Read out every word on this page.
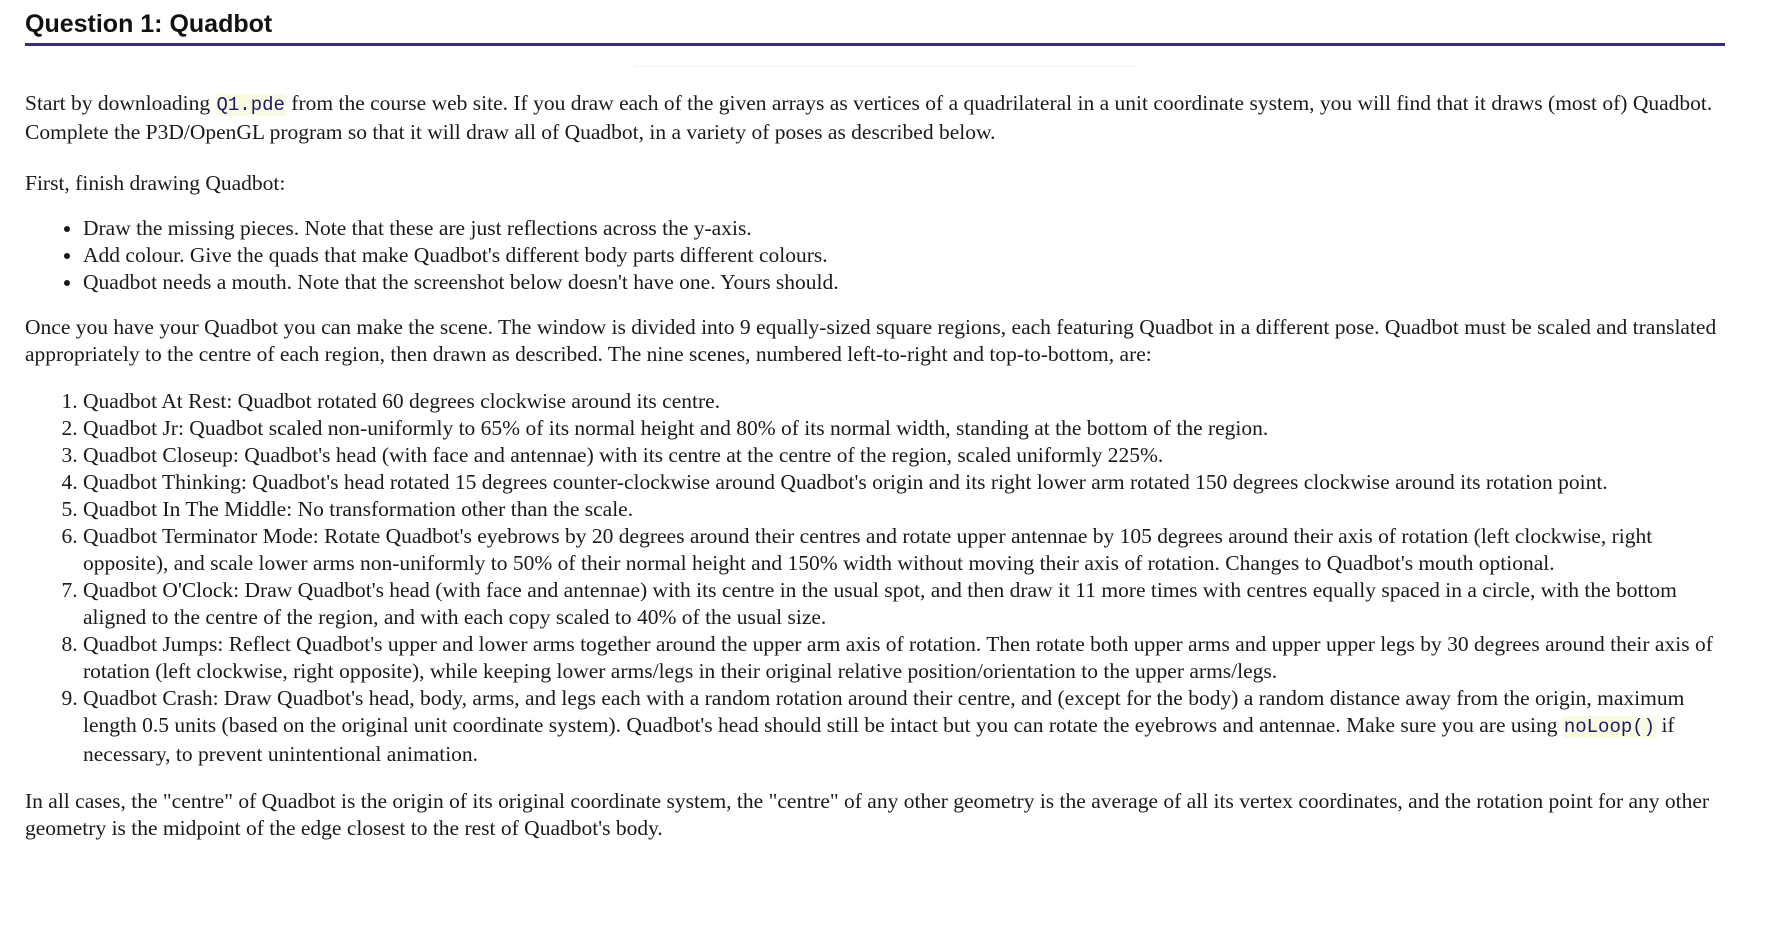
Question 1: Quadbot

Start by downloading Q1.pde from the course web site. If you draw each of the given arrays as vertices of a quadrilateral in a unit coordinate system, you will find that it draws (most of) Quadbot. Complete the P3D/OpenGL program so that it will draw all of Quadbot, in a variety of poses as described below.

First, finish drawing Quadbot:

• Draw the missing pieces. Note that these are just reflections across the y-axis.
• Add colour. Give the quads that make Quadbot's different body parts different colours.
• Quadbot needs a mouth. Note that the screenshot below doesn't have one. Yours should.

Once you have your Quadbot you can make the scene. The window is divided into 9 equally-sized square regions, each featuring Quadbot in a different pose. Quadbot must be scaled and translated appropriately to the centre of each region, then drawn as described. The nine scenes, numbered left-to-right and top-to-bottom, are:

1. Quadbot At Rest: Quadbot rotated 60 degrees clockwise around its centre.
2. Quadbot Jr: Quadbot scaled non-uniformly to 65% of its normal height and 80% of its normal width, standing at the bottom of the region.
3. Quadbot Closeup: Quadbot's head (with face and antennae) with its centre at the centre of the region, scaled uniformly 225%.
4. Quadbot Thinking: Quadbot's head rotated 15 degrees counter-clockwise around Quadbot's origin and its right lower arm rotated 150 degrees clockwise around its rotation point.
5. Quadbot In The Middle: No transformation other than the scale.
6. Quadbot Terminator Mode: Rotate Quadbot's eyebrows by 20 degrees around their centres and rotate upper antennae by 105 degrees around their axis of rotation (left clockwise, right opposite), and scale lower arms non-uniformly to 50% of their normal height and 150% width without moving their axis of rotation. Changes to Quadbot's mouth optional.
7. Quadbot O'Clock: Draw Quadbot's head (with face and antennae) with its centre in the usual spot, and then draw it 11 more times with centres equally spaced in a circle, with the bottom aligned to the centre of the region, and with each copy scaled to 40% of the usual size.
8. Quadbot Jumps: Reflect Quadbot's upper and lower arms together around the upper arm axis of rotation. Then rotate both upper arms and upper upper legs by 30 degrees around their axis of rotation (left clockwise, right opposite), while keeping lower arms/legs in their original relative position/orientation to the upper arms/legs.
9. Quadbot Crash: Draw Quadbot's head, body, arms, and legs each with a random rotation around their centre, and (except for the body) a random distance away from the origin, maximum length 0.5 units (based on the original unit coordinate system). Quadbot's head should still be intact but you can rotate the eyebrows and antennae. Make sure you are using noLoop() if necessary, to prevent unintentional animation.

In all cases, the "centre" of Quadbot is the origin of its original coordinate system, the "centre" of any other geometry is the average of all its vertex coordinates, and the rotation point for any other geometry is the midpoint of the edge closest to the rest of Quadbot's body.
